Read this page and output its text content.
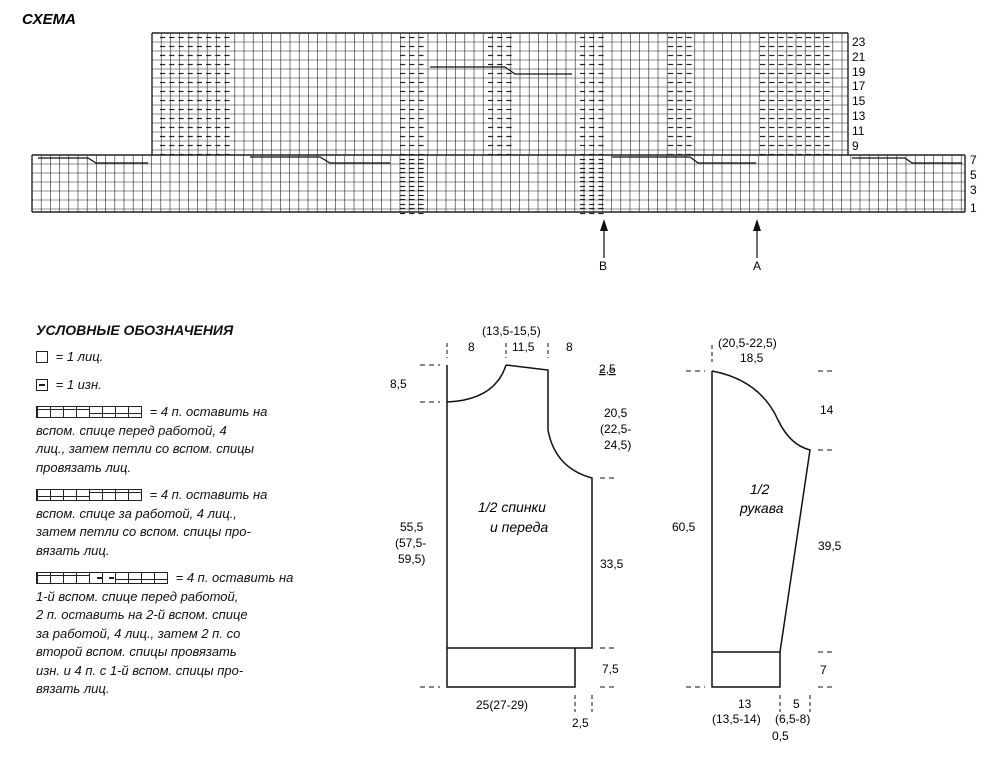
СХЕМА
23
21
19
17
15
13
11
9
7
5
3
1
B	A
УСЛОВНЫЕ ОБОЗНАЧЕНИЯ
= 1 лиц.
= 1 изн.
= 4 п. оставить на
вспом. спице перед работой, 4
лиц., затем петли со вспом. спицы
провязать лиц.
= 4 п. оставить на
вспом. спице за работой, 4 лиц.,
затем петли со вспом. спицы про-
вязать лиц.
= 4 п. оставить на
1-й вспом. спице перед работой,
2 п. оставить на 2-й вспом. спице
за работой, 4 лиц., затем 2 п. со
второй вспом. спицы провязать
изн. и 4 п. с 1-й вспом. спицы про-
вязать лиц.
1/2 спинки
и переда
(13,5-15,5)
8	11,5	8
8,5
2,5
20,5
(22,5-
24,5)
55,5
(57,5-
59,5)	33,5
7,5
25(27-29)
2,5
1/2
рукава
(20,5-22,5)
18,5
14
60,5
39,5
7
13
(13,5-14)
5
(6,5-8)
0,5
